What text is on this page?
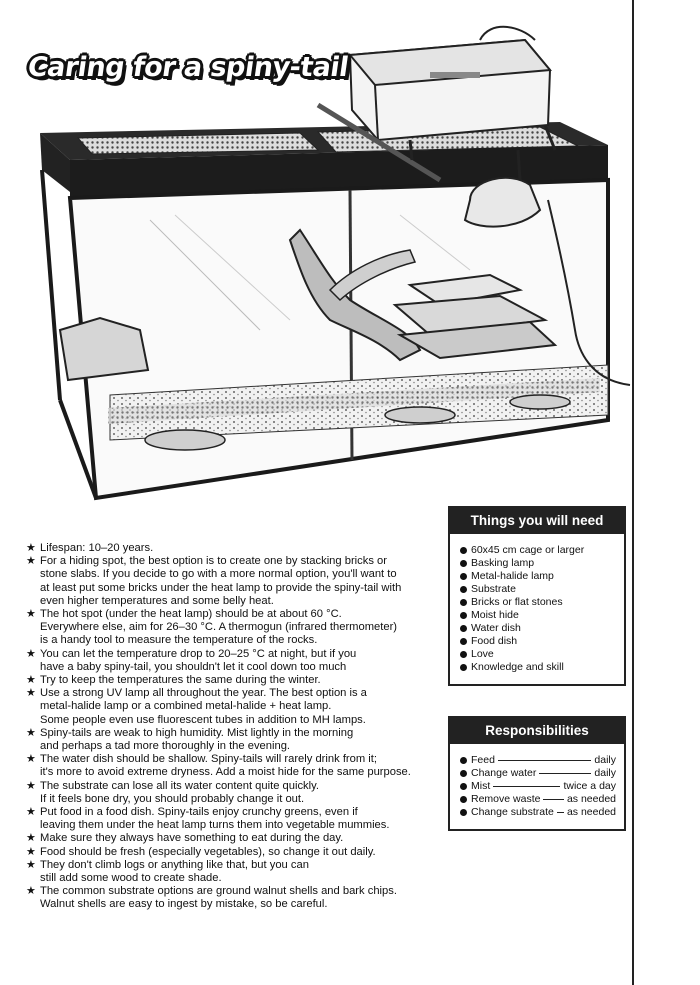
Caring for a spiny-tail
★ Lifespan: 10–20 years.
★ For a hiding spot, the best option is to create one by stacking bricks or
stone slabs. If you decide to go with a more normal option, you'll want to
at least put some bricks under the heat lamp to provide the spiny-tail with
even higher temperatures and some belly heat.
★ The hot spot (under the heat lamp) should be at about 60 °C.
Everywhere else, aim for 26–30 °C. A thermogun (infrared thermometer)
is a handy tool to measure the temperature of the rocks.
★ You can let the temperature drop to 20–25 °C at night, but if you
have a baby spiny-tail, you shouldn't let it cool down too much
★ Try to keep the temperatures the same during the winter.
★ Use a strong UV lamp all throughout the year. The best option is a
metal-halide lamp or a combined metal-halide + heat lamp.
Some people even use fluorescent tubes in addition to MH lamps.
★ Spiny-tails are weak to high humidity. Mist lightly in the morning
and perhaps a tad more thoroughly in the evening.
★ The water dish should be shallow. Spiny-tails will rarely drink from it;
it's more to avoid extreme dryness. Add a moist hide for the same purpose.
★ The substrate can lose all its water content quite quickly.
If it feels bone dry, you should probably change it out.
★ Put food in a food dish. Spiny-tails enjoy crunchy greens, even if
leaving them under the heat lamp turns them into vegetable mummies.
★ Make sure they always have something to eat during the day.
★ Food should be fresh (especially vegetables), so change it out daily.
★ They don't climb logs or anything like that, but you can
still add some wood to create shade.
★ The common substrate options are ground walnut shells and bark chips.
Walnut shells are easy to ingest by mistake, so be careful.
Things you will need
60x45 cm cage or larger
Basking lamp
Metal-halide lamp
Substrate
Bricks or flat stones
Moist hide
Water dish
Food dish
Love
Knowledge and skill
Responsibilities
Feed	daily
Change water	daily
Mist	twice a day
Remove waste	as needed
Change substrate as needed
